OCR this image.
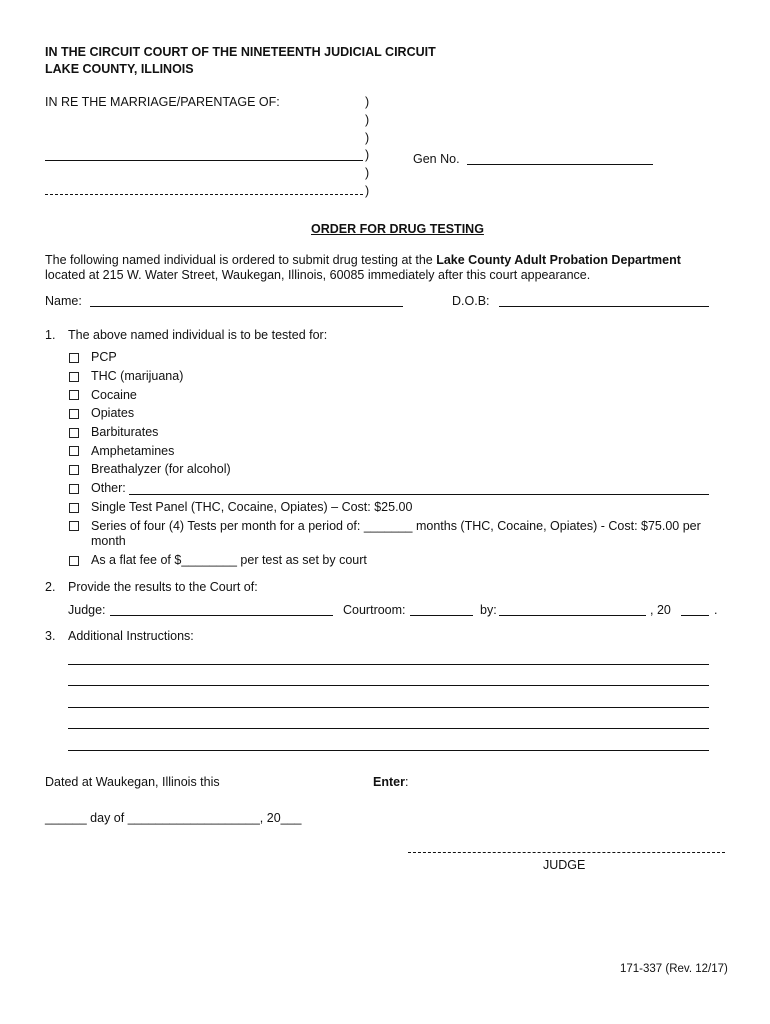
IN THE CIRCUIT COURT OF THE NINETEENTH JUDICIAL CIRCUIT
LAKE COUNTY, ILLINOIS
IN RE THE MARRIAGE/PARENTAGE OF:	)
)
)
)
)
)
Gen No.
ORDER FOR DRUG TESTING
The following named individual is ordered to submit drug testing at the Lake County Adult Probation Department
located at 215 W. Water Street, Waukegan, Illinois, 60085 immediately after this court appearance.
Name:	D.O.B:
1. The above named individual is to be tested for:
PCP
THC (marijuana)
Cocaine
Opiates
Barbiturates
Amphetamines
Breathalyzer (for alcohol)
Other:
Single Test Panel (THC, Cocaine, Opiates) – Cost: $25.00
Series of four (4) Tests per month for a period of: _______ months (THC, Cocaine, Opiates) - Cost: $75.00 per
month
As a flat fee of $________ per test as set by court
2. Provide the results to the Court of:
Judge:	Courtroom:	by:	, 20	.
3. Additional Instructions:
Dated at Waukegan, Illinois this	Enter:
______ day of ___________________, 20___
JUDGE
171-337 (Rev. 12/17)
